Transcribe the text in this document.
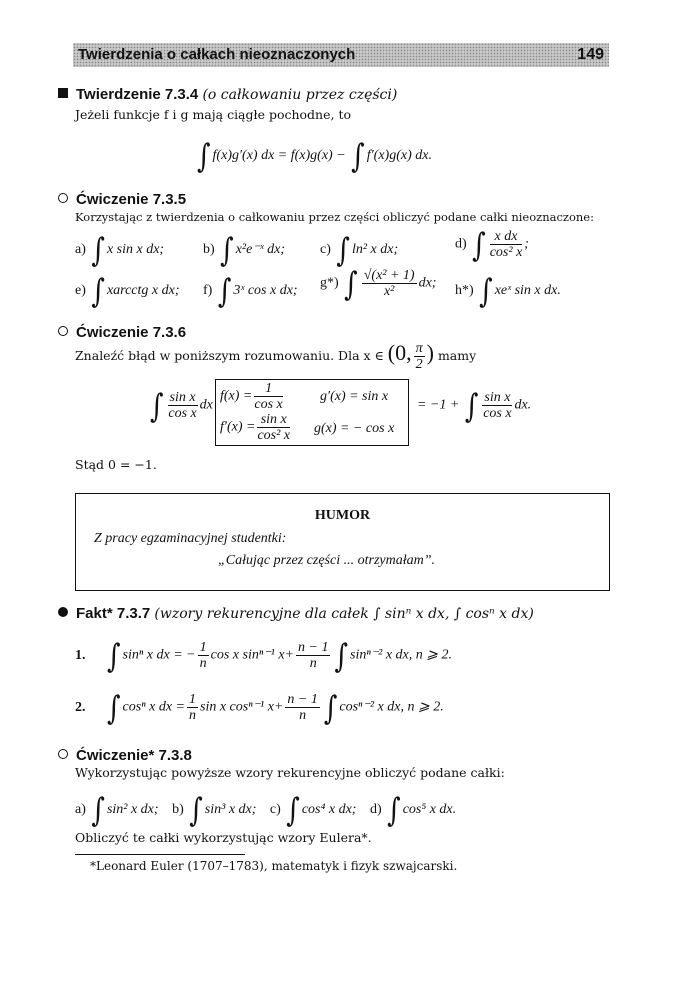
Twierdzenia o całkach nieoznaczonych	149
Twierdzenie 7.3.4 (o całkowaniu przez części)
Jeżeli funkcje f i g mają ciągłe pochodne, to
∫ f(x)g′(x) dx = f(x)g(x) − ∫ f′(x)g(x) dx.
Ćwiczenie 7.3.5
Korzystając z twierdzenia o całkowaniu przez części obliczyć podane całki nieoznaczone:
a) ∫ x sin x dx;	b) ∫ x²e⁻ˣ dx; c) ∫ ln² x dx;	d) ∫ $\frac{\text{x dx}}{\text{cos² x}}$ ;
e) ∫ xarcctg x dx; f) ∫ 3ˣ cos x dx; g*) ∫ $\frac{\text{√(x² + 1)}}{\text{x²}}$ dx; h*) ∫ xeˣ sin x dx.
Ćwiczenie 7.3.6
Znaleźć błąd w poniższym rozumowaniu. Dla x ∈ (0, $\frac{\pi}{2}$ ) mamy
∫ $\frac{\text{sin x}}{\text{cos x}}$ dx
$f(x) = \frac{1}{\text{cos x}}$	g′(x) = sin x
$f'(x) = \frac{\text{sin x}}{\text{cos² x}} g(x)$ = − cos x
= −1 + ∫ $\frac{\text{sin x}}{\text{cos x}}$ dx.
Stąd 0 = −1.
HUMOR
Z pracy egzaminacyjnej studentki:
„Całując przez części ... otrzymałam”.
Fakt* 7.3.7 (wzory rekurencyjne dla całek ∫ sinⁿ x dx, ∫ cosⁿ x dx)
1. ∫ sinⁿ x dx = − $\frac{1}{n}$ cos x sinⁿ⁻¹ $x+ \frac{n - 1}{n}$ ∫ sinⁿ⁻² x dx, n ⩾ 2.
2. ∫ cosⁿ x dx = $\frac{1}{n}$ sin x cosⁿ⁻¹ $x+ \frac{n - 1}{n}$ ∫ cosⁿ⁻² x dx, n ⩾ 2.
Ćwiczenie* 7.3.8
Wykorzystując powyższe wzory rekurencyjne obliczyć podane całki:
a) ∫ sin² x dx; b) ∫ sin³ x dx; c) ∫ cos⁴ x dx; d) ∫ cos⁵ x dx.
Obliczyć te całki wykorzystując wzory Eulera*.
*Leonard Euler (1707–1783), matematyk i fizyk szwajcarski.
